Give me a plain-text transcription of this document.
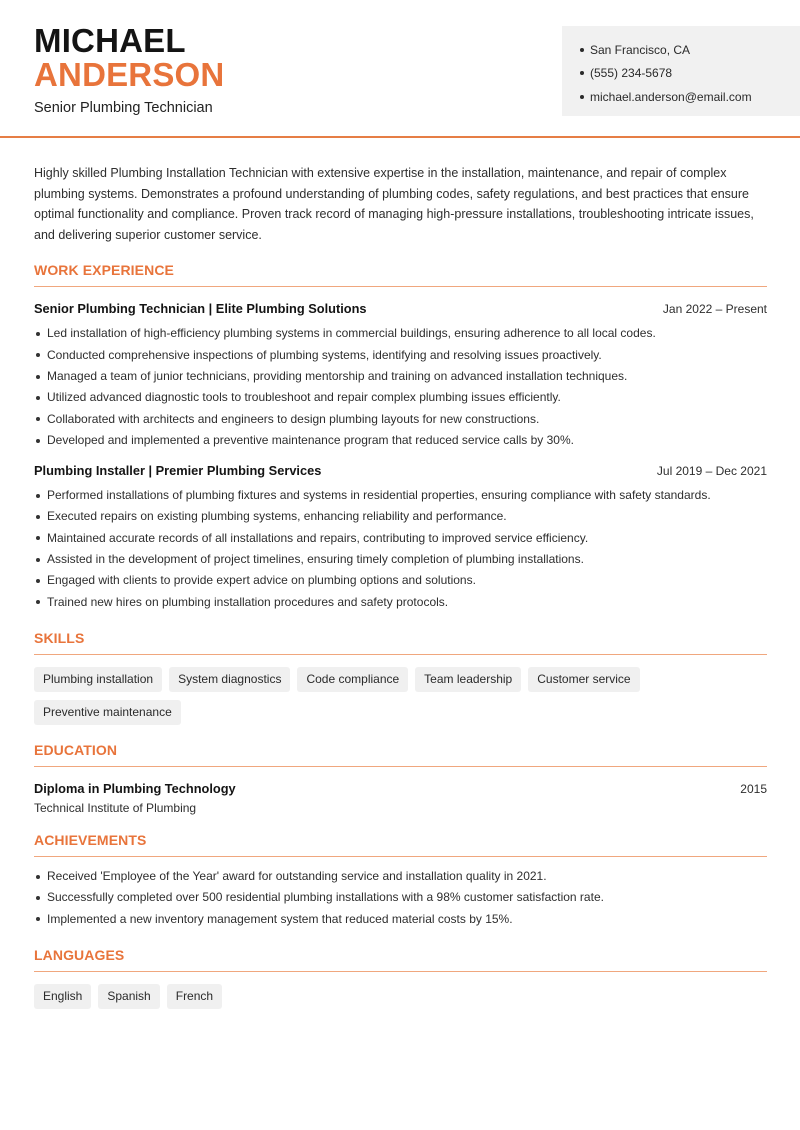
MICHAEL
ANDERSON
Senior Plumbing Technician
San Francisco, CA
(555) 234-5678
michael.anderson@email.com

Highly skilled Plumbing Installation Technician with extensive expertise in the installation, maintenance, and repair of complex plumbing systems. Demonstrates a profound understanding of plumbing codes, safety regulations, and best practices that ensure optimal functionality and compliance. Proven track record of managing high-pressure installations, troubleshooting intricate issues, and delivering superior customer service.

WORK EXPERIENCE
Senior Plumbing Technician | Elite Plumbing Solutions	Jan 2022 – Present
Led installation of high-efficiency plumbing systems in commercial buildings, ensuring adherence to all local codes.
Conducted comprehensive inspections of plumbing systems, identifying and resolving issues proactively.
Managed a team of junior technicians, providing mentorship and training on advanced installation techniques.
Utilized advanced diagnostic tools to troubleshoot and repair complex plumbing issues efficiently.
Collaborated with architects and engineers to design plumbing layouts for new constructions.
Developed and implemented a preventive maintenance program that reduced service calls by 30%.
Plumbing Installer | Premier Plumbing Services	Jul 2019 – Dec 2021
Performed installations of plumbing fixtures and systems in residential properties, ensuring compliance with safety standards.
Executed repairs on existing plumbing systems, enhancing reliability and performance.
Maintained accurate records of all installations and repairs, contributing to improved service efficiency.
Assisted in the development of project timelines, ensuring timely completion of plumbing installations.
Engaged with clients to provide expert advice on plumbing options and solutions.
Trained new hires on plumbing installation procedures and safety protocols.
SKILLS
Plumbing installation	System diagnostics	Code compliance	Team leadership	Customer service
Preventive maintenance
EDUCATION
Diploma in Plumbing Technology	2015
Technical Institute of Plumbing
ACHIEVEMENTS
Received 'Employee of the Year' award for outstanding service and installation quality in 2021.
Successfully completed over 500 residential plumbing installations with a 98% customer satisfaction rate.
Implemented a new inventory management system that reduced material costs by 15%.
LANGUAGES
English	Spanish	French
